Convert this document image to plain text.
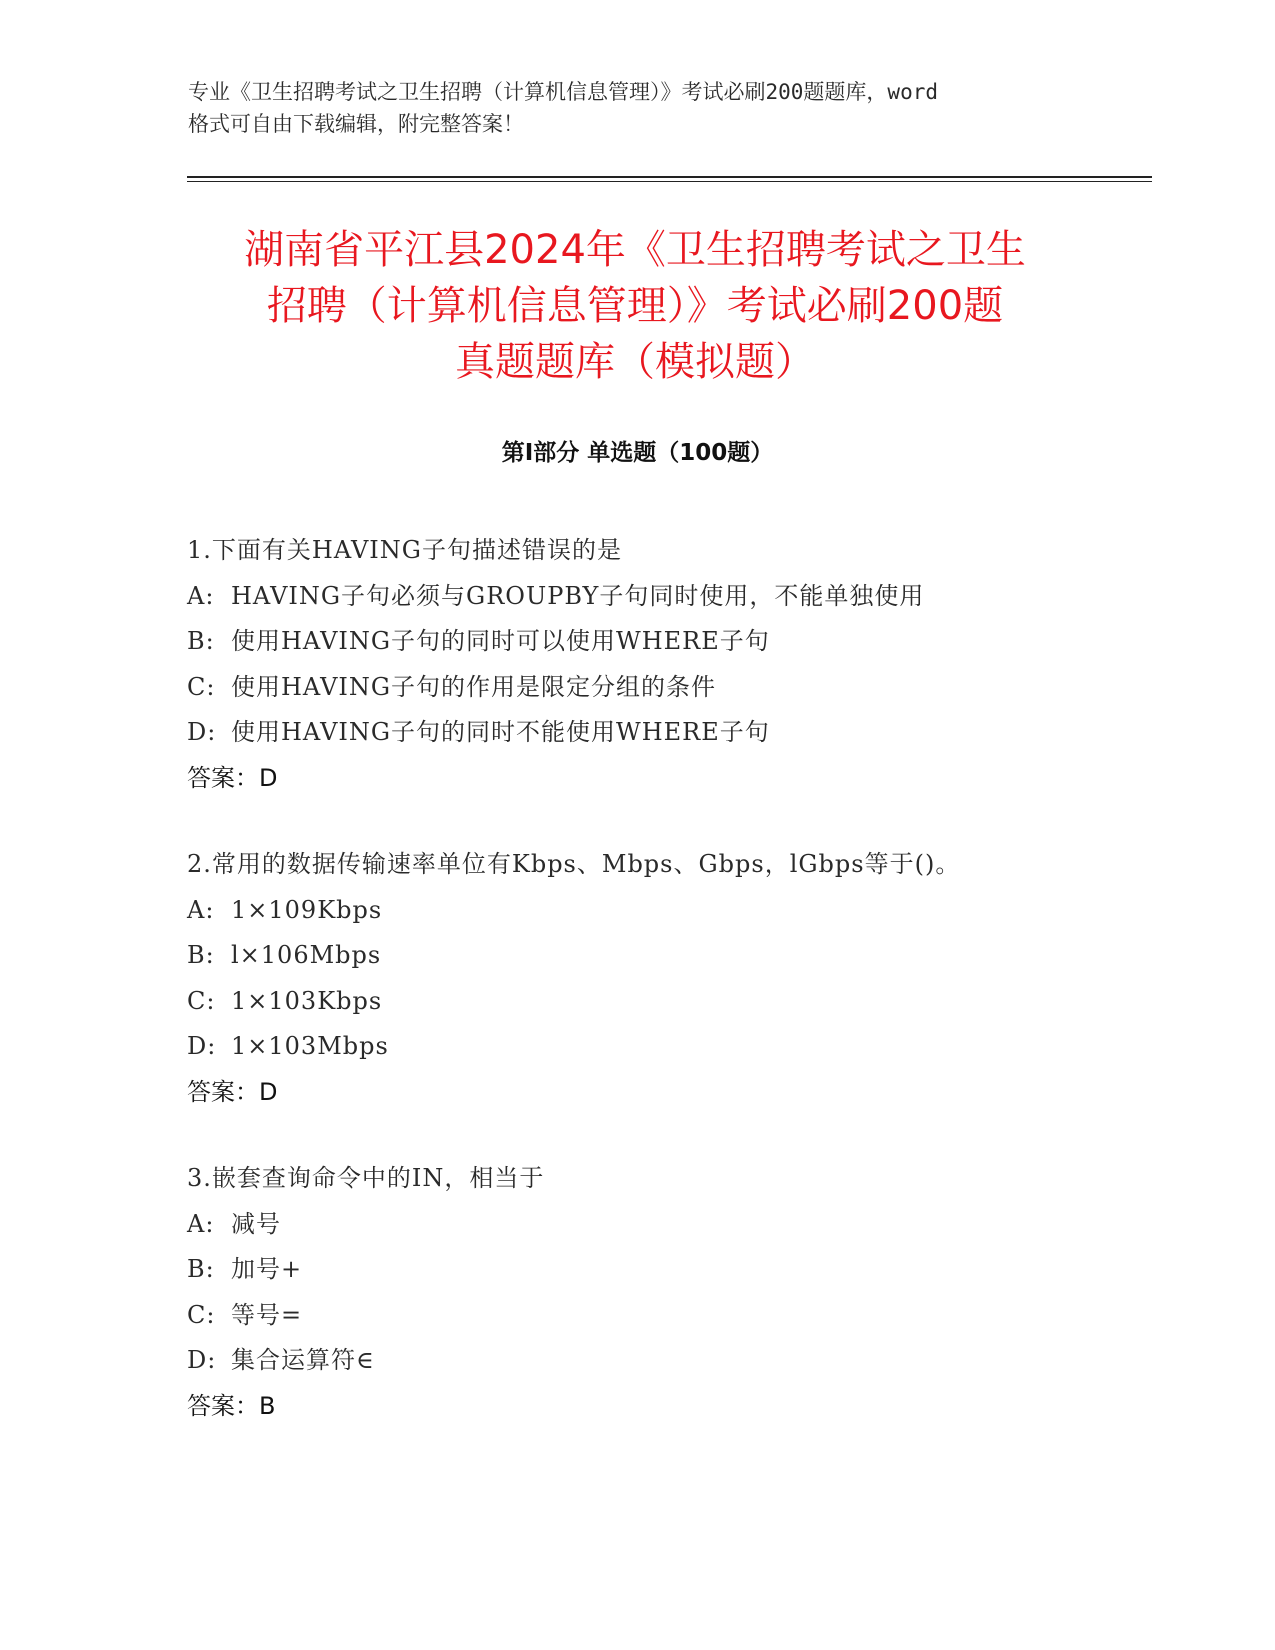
专业《卫生招聘考试之卫生招聘（计算机信息管理）》考试必刷200题题库，word
格式可自由下载编辑，附完整答案！
湖南省平江县2024年《卫生招聘考试之卫生
招聘（计算机信息管理）》考试必刷200题
真题题库（模拟题）
第Ⅰ部分 单选题（100题）
1.下面有关HAVING子句描述错误的是
A: HAVING子句必须与GROUPBY子句同时使用，不能单独使用
B: 使用HAVING子句的同时可以使用WHERE子句
C: 使用HAVING子句的作用是限定分组的条件
D: 使用HAVING子句的同时不能使用WHERE子句
答案：D
2.常用的数据传输速率单位有Kbps、Mbps、Gbps，lGbps等于()。
A: 1×109Kbps
B: l×106Mbps
C: 1×103Kbps
D: 1×103Mbps
答案：D
3.嵌套查询命令中的IN，相当于
A: 减号
B: 加号+
C: 等号=
D: 集合运算符∈
答案：B
